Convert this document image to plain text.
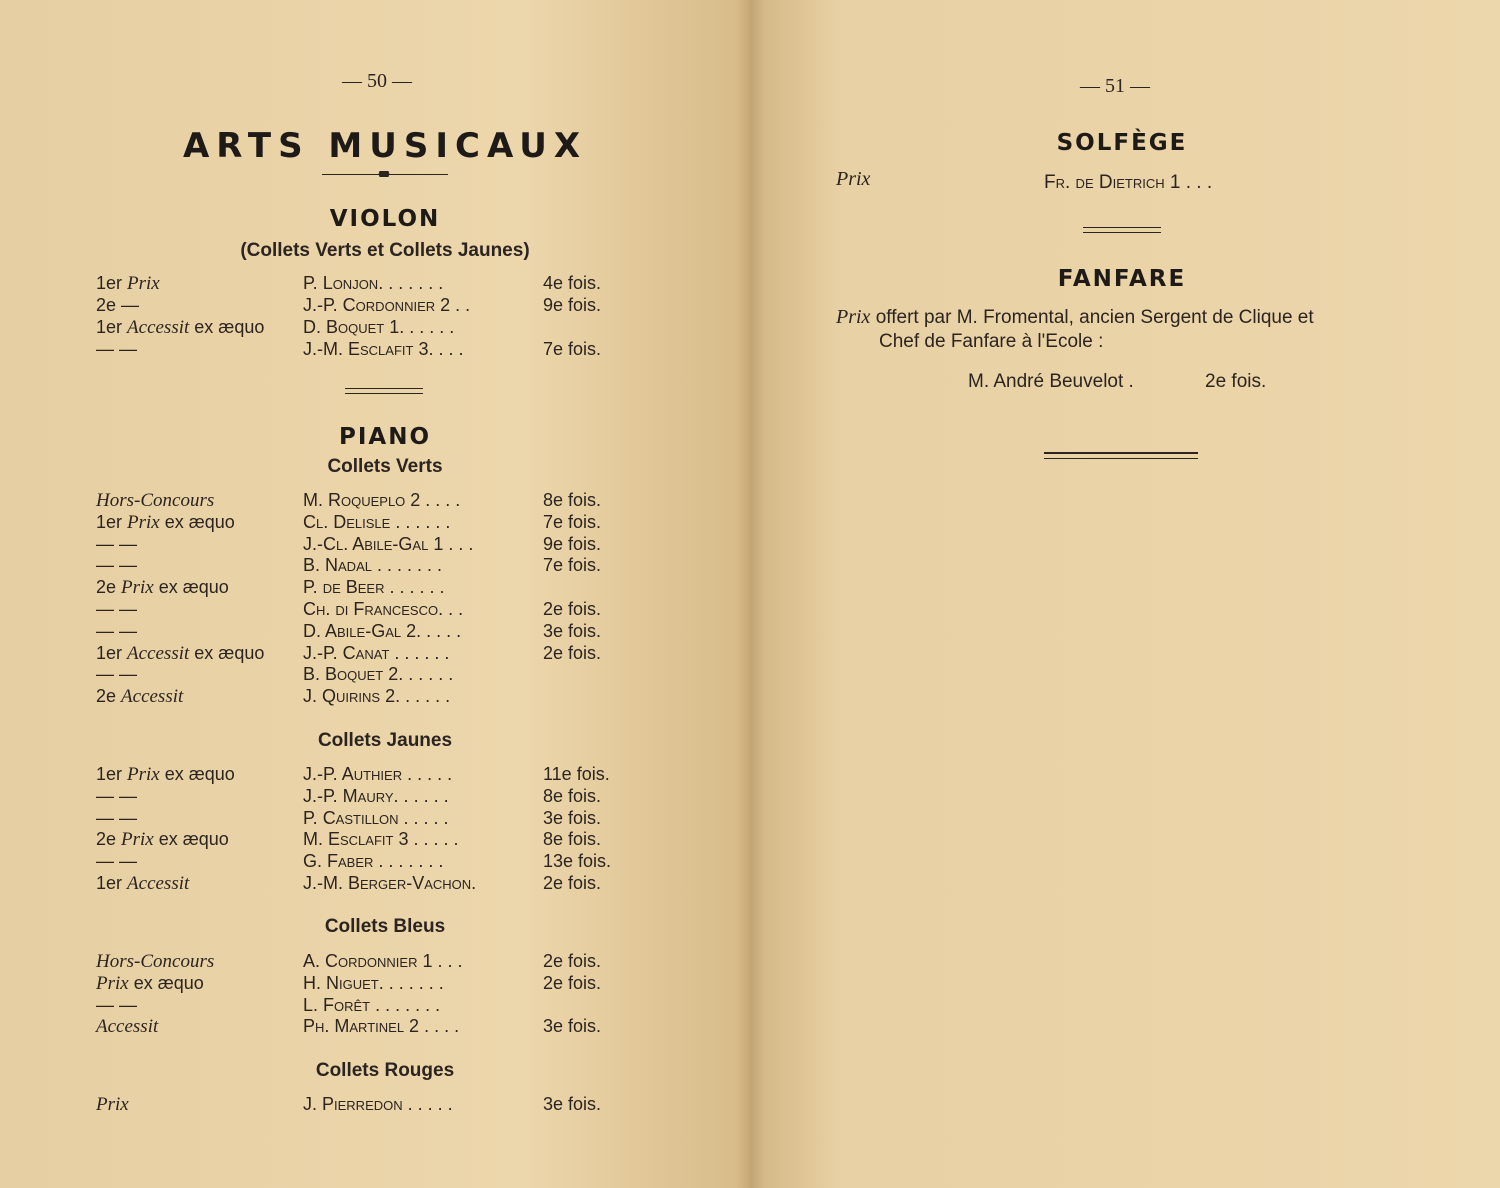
— 50 —
ARTS MUSICAUX
VIOLON
(Collets Verts et Collets Jaunes)
1er Prix	P. Lonjon. . . . . . .	4e fois.
2e —	J.-P. Cordonnier 2 . .	9e fois.
1er Accessit ex æquo D. Boquet 1. . . . . .
— —	J.-M. Esclafit 3. . . .	7e fois.
PIANO
Collets Verts
Hors-Concours	M. Roqueplo 2 . . . .	8e fois.
1er Prix ex æquo	Cl. Delisle . . . . . .	7e fois.
— —	J.-Cl. Abile-Gal 1 . . .	9e fois.
— —	B. Nadal . . . . . . .	7e fois.
2e Prix ex æquo	P. de Beer . . . . . .
— —	Ch. di Francesco. . .	2e fois.
— —	D. Abile-Gal 2. . . . .	3e fois.
1er Accessit ex æquo J.-P. Canat . . . . . .	2e fois.
— —	B. Boquet 2. . . . . .
2e Accessit	J. Quirins 2. . . . . .
Collets Jaunes
1er Prix ex æquo	J.-P. Authier . . . . .	11e fois.
— —	J.-P. Maury. . . . . .	8e fois.
— —	P. Castillon . . . . .	3e fois.
2e Prix ex æquo	M. Esclafit 3 . . . . .	8e fois.
— —	G. Faber . . . . . . .	13e fois.
1er Accessit	J.-M. Berger-Vachon.	2e fois.
Collets Bleus
Hors-Concours	A. Cordonnier 1 . . .	2e fois.
Prix ex æquo	H. Niguet. . . . . . .	2e fois.
— —	L. Forêt . . . . . . .
Accessit	Ph. Martinel 2 . . . .	3e fois.
Collets Rouges
Prix	J. Pierredon . . . . .	3e fois.
— 51 —
SOLFÈGE
Prix	Fr. de Dietrich 1 . . .
FANFARE
Prix offert par M. Fromental, ancien Sergent de Clique et
Chef de Fanfare à l'Ecole :
M. André Beuvelot .	2e fois.
